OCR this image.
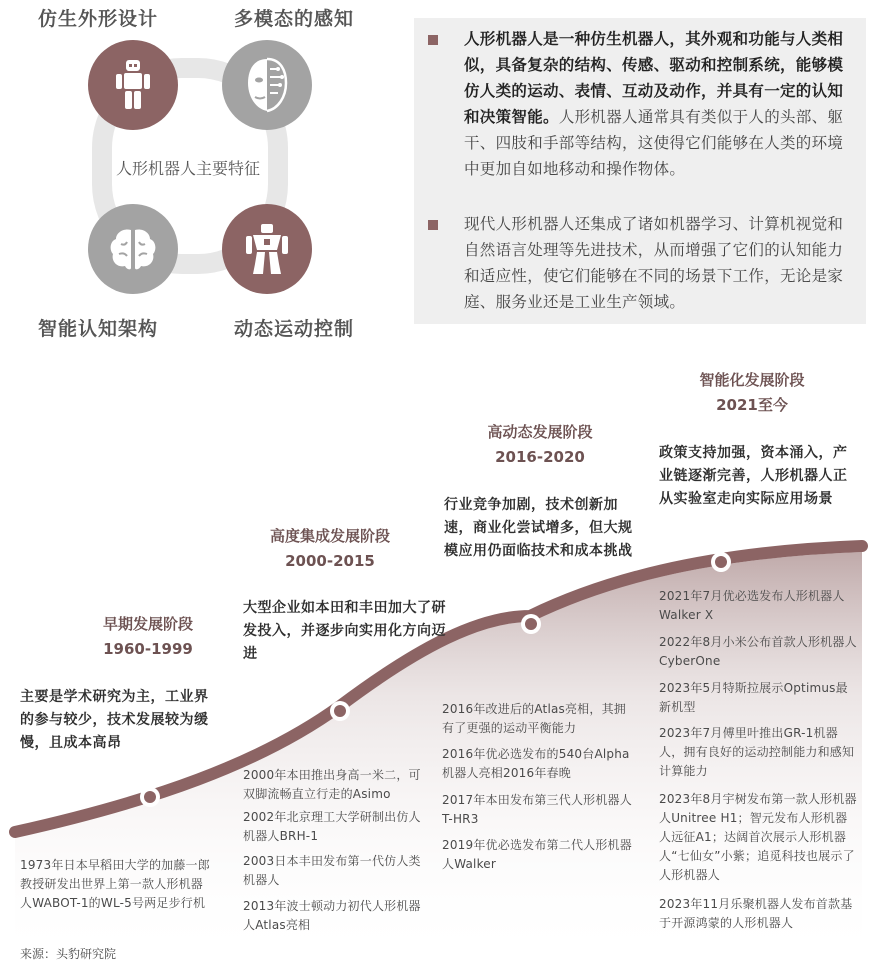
人形机器人主要特征
仿生外形设计	多模态的感知
智能认知架构	动态运动控制
人形机器人是一种仿生机器人，其外观和功能与人类相似，具备复杂的结构、传感、驱动和控制系统，能够模仿人类的运动、表情、互动及动作，并具有一定的认知和决策智能。人形机器人通常具有类似于人的头部、躯干、四肢和手部等结构，这使得它们能够在人类的环境中更加自如地移动和操作物体。
现代人形机器人还集成了诸如机器学习、计算机视觉和自然语言处理等先进技术，从而增强了它们的认知能力和适应性，使它们能够在不同的场景下工作，无论是家庭、服务业还是工业生产领域。
早期发展阶段
1960-1999
主要是学术研究为主，工业界的参与较少，技术发展较为缓慢，且成本高昂
1973年日本早稻田大学的加藤一郎教授研发出世界上第一款人形机器人WABOT-1的WL-5号两足步行机
高度集成发展阶段
2000-2015
大型企业如本田和丰田加大了研发投入，并逐步向实用化方向迈进
2000年本田推出身高一米二，可双脚流畅直立行走的Asimo
2002年北京理工大学研制出仿人机器人BRH-1
2003日本丰田发布第一代仿人类机器人
2013年波士顿动力初代人形机器人Atlas亮相
高动态发展阶段
2016-2020
行业竞争加剧，技术创新加速，商业化尝试增多，但大规模应用仍面临技术和成本挑战
2016年改进后的Atlas亮相，其拥有了更强的运动平衡能力
2016年优必选发布的540台Alpha机器人亮相2016年春晚
2017年本田发布第三代人形机器人T-HR3
2019年优必选发布第二代人形机器人Walker
智能化发展阶段
2021至今
政策支持加强，资本涌入，产业链逐渐完善，人形机器人正从实验室走向实际应用场景
2021年7月优必选发布人形机器人Walker X
2022年8月小米公布首款人形机器人CyberOne
2023年5月特斯拉展示Optimus最新机型
2023年7月傅里叶推出GR-1机器人，拥有良好的运动控制能力和感知计算能力
2023年8月宇树发布第一款人形机器人Unitree H1；智元发布人形机器人远征A1；达阔首次展示人形机器人“七仙女”小紫；追觅科技也展示了人形机器人
2023年11月乐聚机器人发布首款基于开源鸿蒙的人形机器人
来源：头豹研究院
